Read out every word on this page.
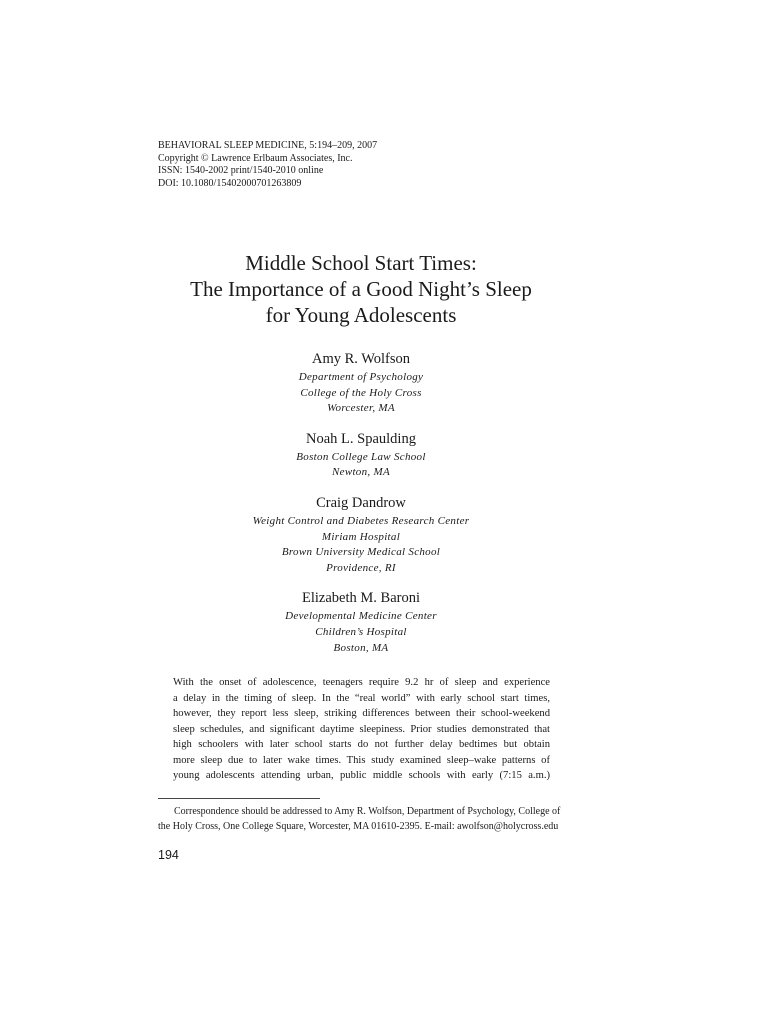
BEHAVIORAL SLEEP MEDICINE, 5:194–209, 2007
Copyright © Lawrence Erlbaum Associates, Inc.
ISSN: 1540-2002 print/1540-2010 online
DOI: 10.1080/15402000701263809
Middle School Start Times:
The Importance of a Good Night’s Sleep
for Young Adolescents
Amy R. Wolfson
Department of Psychology
College of the Holy Cross
Worcester, MA
Noah L. Spaulding
Boston College Law School
Newton, MA
Craig Dandrow
Weight Control and Diabetes Research Center
Miriam Hospital
Brown University Medical School
Providence, RI
Elizabeth M. Baroni
Developmental Medicine Center
Children’s Hospital
Boston, MA
With the onset of adolescence, teenagers require 9.2 hr of sleep and experience
a delay in the timing of sleep. In the “real world” with early school start times,
however, they report less sleep, striking differences between their school-weekend
sleep schedules, and significant daytime sleepiness. Prior studies demonstrated that
high schoolers with later school starts do not further delay bedtimes but obtain
more sleep due to later wake times. This study examined sleep–wake patterns of
young adolescents attending urban, public middle schools with early (7:15 a.m.)
Correspondence should be addressed to Amy R. Wolfson, Department of Psychology, College of
the Holy Cross, One College Square, Worcester, MA 01610-2395. E-mail: awolfson@holycross.edu
194
